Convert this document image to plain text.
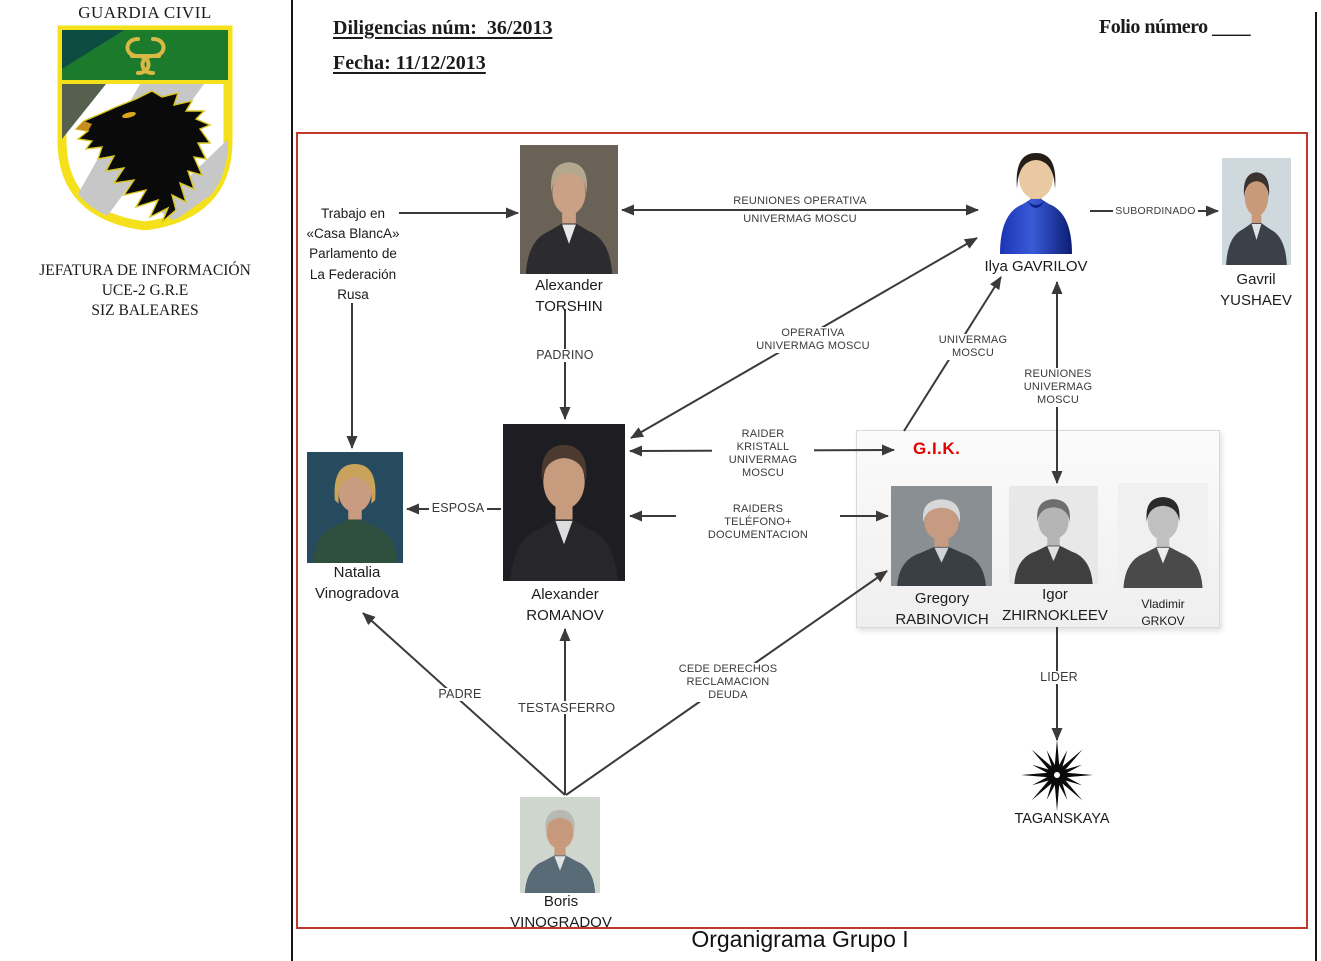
GUARDIA CIVIL
JEFATURA DE INFORMACIÓN
UCE-2 G.R.E
SIZ BALEARES
Diligencias núm:  36/2013
Fecha: 11/12/2013
Folio número ____
Alexander
TORSHIN
Ilya GAVRILOV
Gavril
YUSHAEV
Natalia
Vinogradova	Alexander
ROMANOV
Gregory
RABINOVICH
Igor
ZHIRNOKLEEV
Vladimir
GRKOV
Boris
VINOGRADOV
TAGANSKAYA
G.I.K.
Trabajo en
«Casa BlancA»
Parlamento de
La Federación
Rusa
REUNIONES OPERATIVA
UNIVERMAG MOSCU
SUBORDINADO
PADRINO
OPERATIVA
UNIVERMAG MOSCU	UNIVERMAG
MOSCU
REUNIONES
UNIVERMAG MOSCU
RAIDER
KRISTALL
UNIVERMAG MOSCU
RAIDERS
TELÉFONO+ DOCUMENTACION
ESPOSA
PADRE
TESTASFERRO
CEDE DERECHOS
RECLAMACION DEUDA
LIDER
Organigrama Grupo I
